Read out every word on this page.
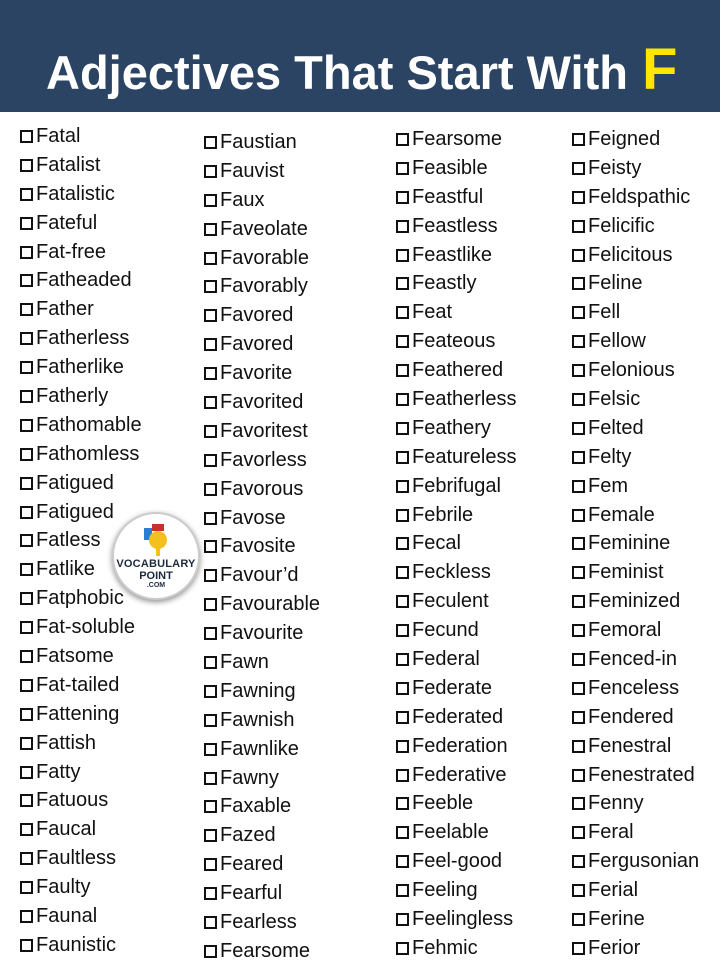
Adjectives That Start With F
Fatal
Fatalist
Fatalistic
Fateful
Fat-free
Fatheaded
Father
Fatherless
Fatherlike
Fatherly
Fathomable
Fathomless
Fatigued
Fatigued
Fatless
Fatlike
Fatphobic
Fat-soluble
Fatsome
Fat-tailed
Fattening
Fattish
Fatty
Fatuous
Faucal
Faultless
Faulty
Faunal
Faunistic
Faustian
Fauvist
Faux
Faveolate
Favorable
Favorably
Favored
Favored
Favorite
Favorited
Favoritest
Favorless
Favorous
Favose
Favosite
Favour’d
Favourable
Favourite
Fawn
Fawning
Fawnish
Fawnlike
Fawny
Faxable
Fazed
Feared
Fearful
Fearless
Fearsome
Fearsome
Feasible
Feastful
Feastless
Feastlike
Feastly
Feat
Feateous
Feathered
Featherless
Feathery
Featureless
Febrifugal
Febrile
Fecal
Feckless
Feculent
Fecund
Federal
Federate
Federated
Federation
Federative
Feeble
Feelable
Feel-good
Feeling
Feelingless
Fehmic
Feigned
Feisty
Feldspathic
Felicific
Felicitous
Feline
Fell
Fellow
Felonious
Felsic
Felted
Felty
Fem
Female
Feminine
Feminist
Feminized
Femoral
Fenced-in
Fenceless
Fendered
Fenestral
Fenestrated
Fenny
Feral
Fergusonian
Ferial
Ferine
Ferior
VOCABULARY
POINT
.COM
